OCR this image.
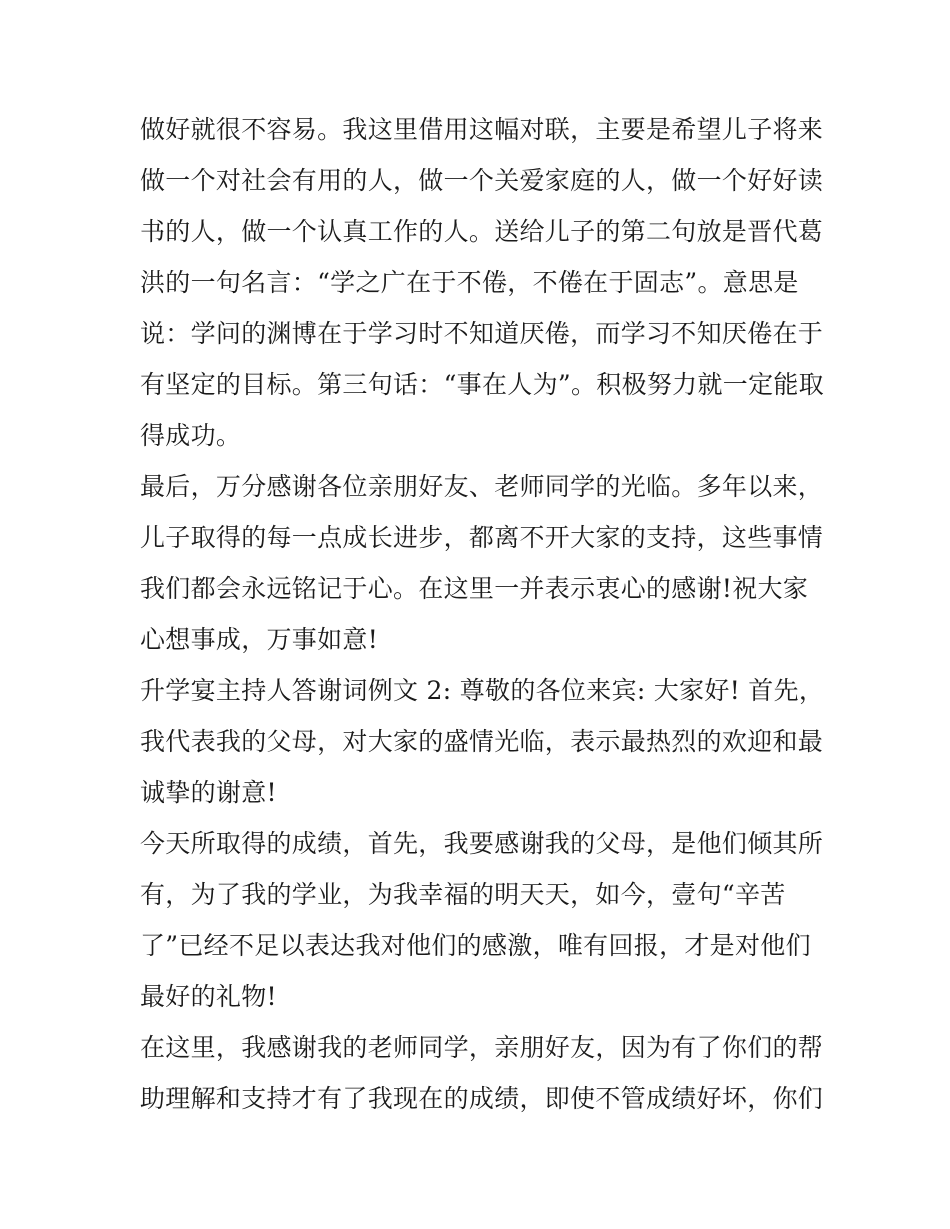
做好就很不容易。我这里借用这幅对联，主要是希望儿子将来
做一个对社会有用的人，做一个关爱家庭的人，做一个好好读
书的人，做一个认真工作的人。送给儿子的第二句放是晋代葛
洪的一句名言：“学之广在于不倦，不倦在于固志”。意思是
说：学问的渊博在于学习时不知道厌倦，而学习不知厌倦在于
有坚定的目标。第三句话：“事在人为”。积极努力就一定能取
得成功。
最后，万分感谢各位亲朋好友、老师同学的光临。多年以来，
儿子取得的每一点成长进步，都离不开大家的支持，这些事情
我们都会永远铭记于心。在这里一并表示衷心的感谢!祝大家
心想事成，万事如意!
升学宴主持人答谢词例文 2: 尊敬的各位来宾: 大家好! 首先，
我代表我的父母，对大家的盛情光临，表示最热烈的欢迎和最
诚挚的谢意!
今天所取得的成绩，首先，我要感谢我的父母，是他们倾其所
有，为了我的学业，为我幸福的明天天，如今，壹句“辛苦
了”已经不足以表达我对他们的感激，唯有回报，才是对他们
最好的礼物!
在这里，我感谢我的老师同学，亲朋好友，因为有了你们的帮
助理解和支持才有了我现在的成绩，即使不管成绩好坏，你们
